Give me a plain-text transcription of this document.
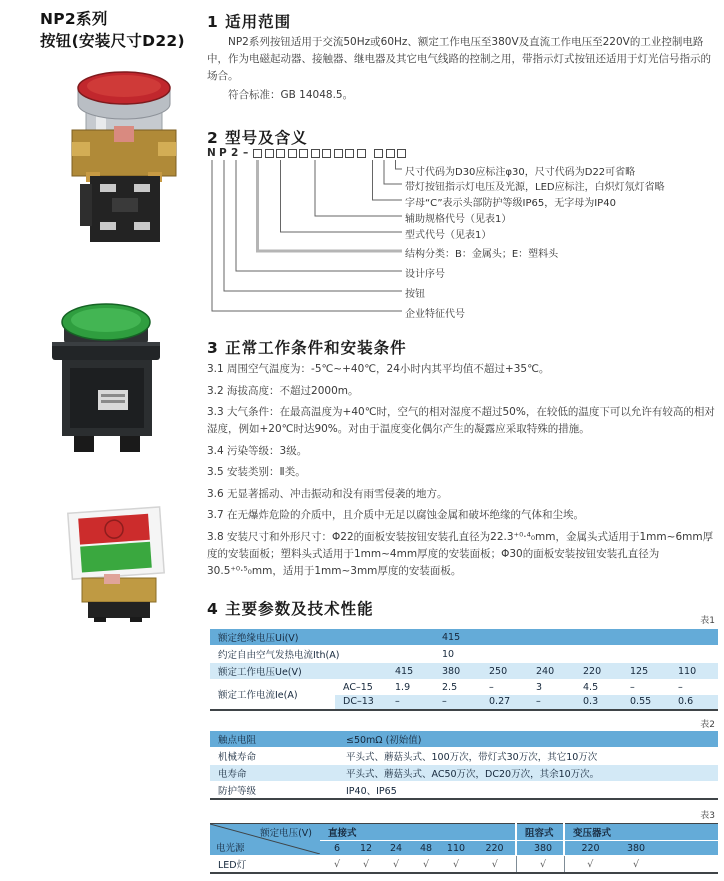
NP2系列
按钮(安装尺寸D22)
1 适用范围

NP2系列按钮适用于交流50Hz或60Hz、额定工作电压至380V及直流工作电压至220V的工业控制电路中，作为电磁起动器、接触器、继电器及其它电气线路的控制之用，带指示灯式按钮还适用于灯光信号指示的场合。

符合标准：GB 14048.5。

2 型号及含义
N P 2 –
尺寸代码为D30应标注φ30，尺寸代码为D22可省略
带灯按钮指示灯电压及光源，LED应标注，白炽灯氖灯省略
字母“C”表示头部防护等级IP65，无字母为IP40
辅助规格代号（见表1）
型式代号（见表1）
结构分类：B：金属头；E：塑料头
设计序号
按钮
企业特征代号
3 正常工作条件和安装条件
3.1 周围空气温度为：-5℃~+40℃，24小时内其平均值不超过+35℃。
3.2 海拔高度：不超过2000m。
3.3 大气条件：在最高温度为+40℃时，空气的相对湿度不超过50%，在较低的温度下可以允许有较高的相对湿度，例如+20℃时达90%。对由于温度变化偶尔产生的凝露应采取特殊的措施。
3.4 污染等级：3级。
3.5 安装类别：Ⅱ类。
3.6 无显著摇动、冲击振动和没有雨雪侵袭的地方。
3.7 在无爆炸危险的介质中，且介质中无足以腐蚀金属和破坏绝缘的气体和尘埃。
3.8 安装尺寸和外形尺寸：Φ22的面板安装按钮安装孔直径为22.3⁺⁰·⁴₀mm，金属头式适用于1mm~6mm厚度的安装面板；塑料头式适用于1mm~4mm厚度的安装面板；Φ30的面板安装按钮安装孔直径为30.5⁺⁰·⁵₀mm，适用于1mm~3mm厚度的安装面板。
4 主要参数及技术性能
表1
额定绝缘电压Ui(V)			415					
约定自由空气发热电流Ith(A)			10					
额定工作电压Ue(V)		415	380	250	240	220	125	110
额定工作电流Ie(A)	AC–15	1.9	2.5	–	3	4.5	–	–
	DC–13	–	–	0.27	–	0.3	0.55	0.6
表2
触点电阻	≤50mΩ (初始值)
机械寿命	平头式、蘑菇头式、100万次，带灯式30万次，其它10万次
电寿命	平头式、蘑菇头式、AC50万次，DC20万次，其余10万次。
防护等级	IP40、IP65
表3
额定电压(V)
电光源	直接式						阻容式	变压器式		
	6	12	24	48	110	220	380	220	380	
LED灯	√	√	√	√	√	√	√	√	√	
